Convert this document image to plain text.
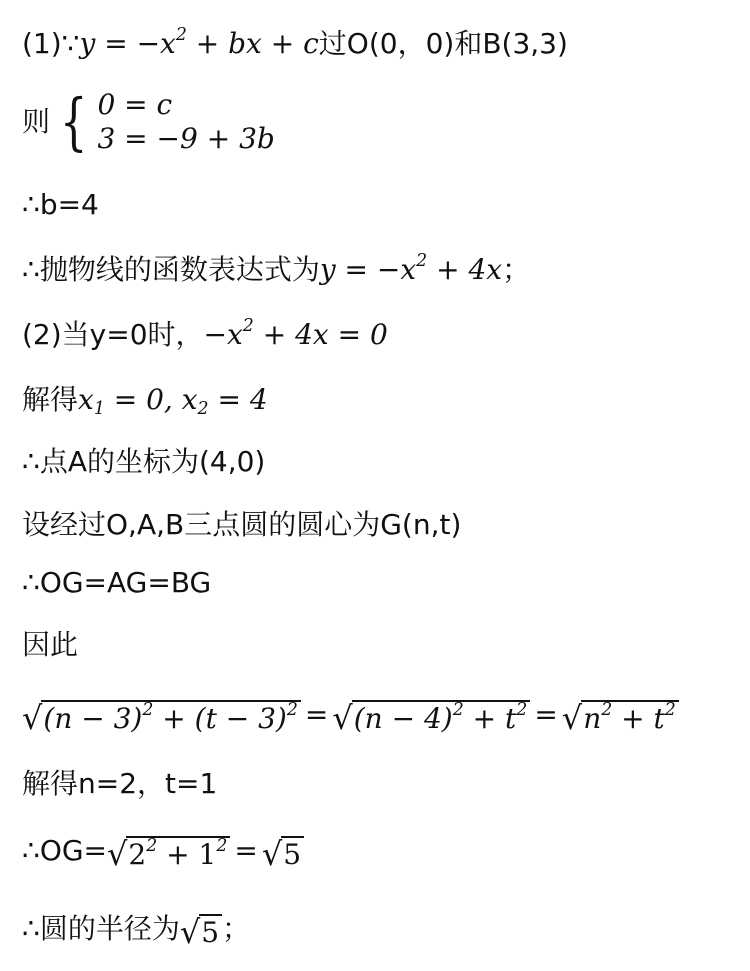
(1)∵y = $-x^2$ + bx + c过O(0，0)和B(3,3)
则 { 0 = c
3 = −9 + 3b
∴b=4
∴抛物线的函数表达式为$y = -x^2 + 4x$；
(2)当y=0时，$-x^2 + 4x = 0$
解得$x_1 = 0$, $x_2 = 4$
∴点A的坐标为(4,0)
设经过O,A,B三点圆的圆心为G(n,t)
∴OG=AG=BG
因此
√ $(n - 3)^2 + (t - 3)^2$ = √ $(n - 4)^2 + t^2$ = √ $n^2 + t^2$
解得n=2，t=1
∴OG= √ $2^2 + 1^2$ = √ 5
∴圆的半径为 √ 5 ；
